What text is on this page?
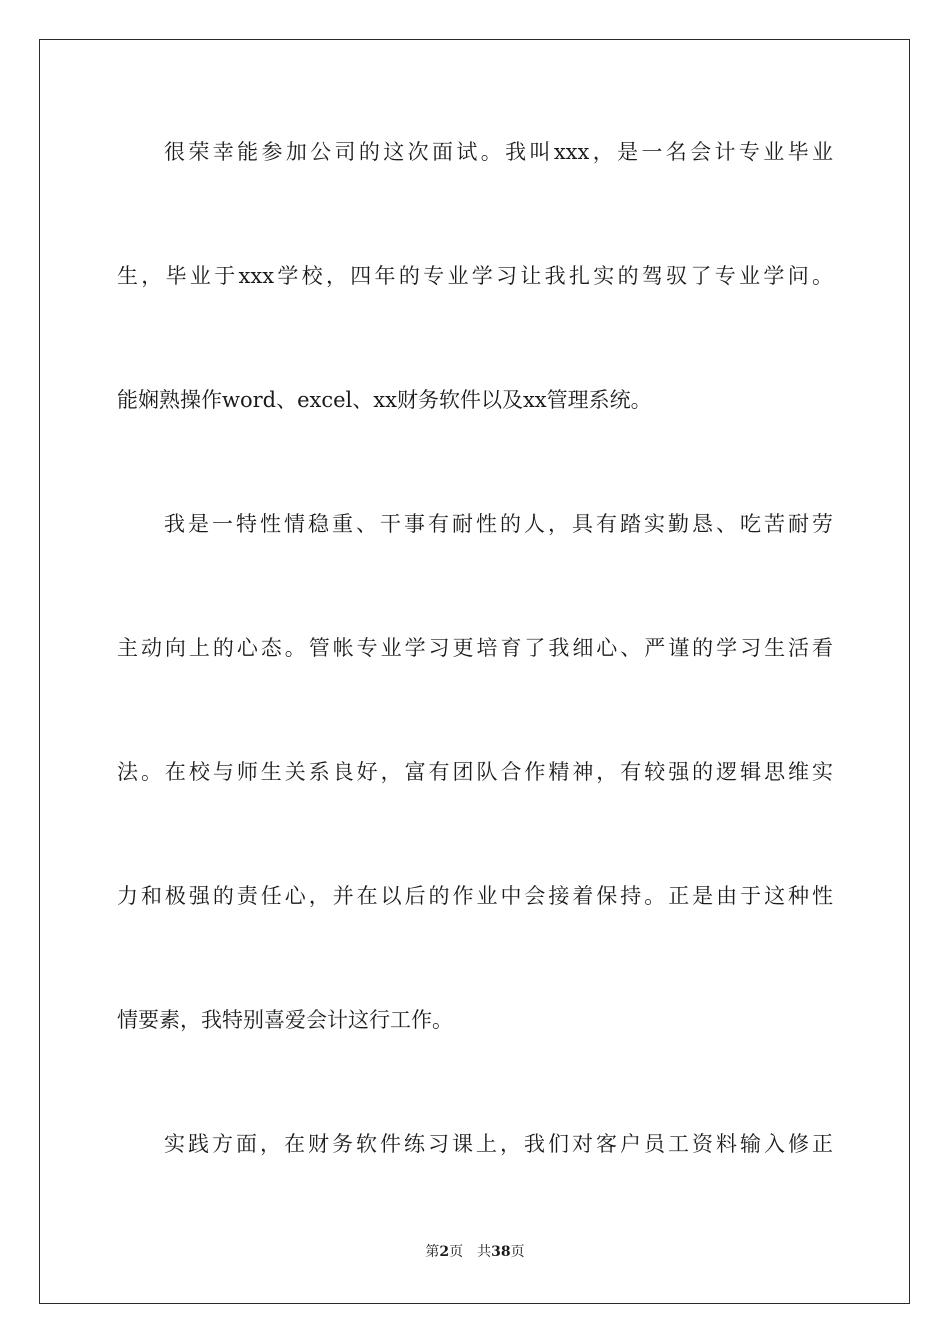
很荣幸能参加公司的这次面试。我叫xxx，是一名会计专业毕业
生，毕业于xxx学校，四年的专业学习让我扎实的驾驭了专业学问。
能娴熟操作word、excel、xx财务软件以及xx管理系统。
我是一特性情稳重、干事有耐性的人，具有踏实勤恳、吃苦耐劳
主动向上的心态。管帐专业学习更培育了我细心、严谨的学习生活看
法。在校与师生关系良好，富有团队合作精神，有较强的逻辑思维实
力和极强的责任心，并在以后的作业中会接着保持。正是由于这种性
情要素，我特别喜爱会计这行工作。
实践方面，在财务软件练习课上，我们对客户员工资料输入修正
第2页 共38页
